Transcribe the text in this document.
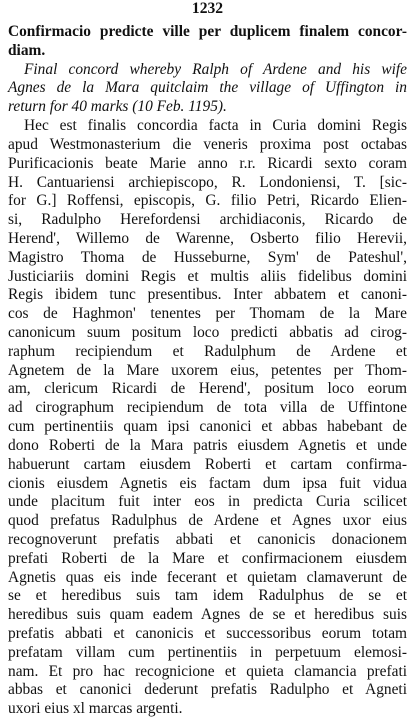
1232
Confirmacio predicte ville per duplicem finalem concor-
diam.
Final concord whereby Ralph of Ardene and his wife
Agnes de la Mara quitclaim the village of Uffington in
return for 40 marks (10 Feb. 1195).
Hec est finalis concordia facta in Curia domini Regis
apud Westmonasterium die veneris proxima post octabas
Purificacionis beate Marie anno r.r. Ricardi sexto coram
H. Cantuariensi archiepiscopo, R. Londoniensi, T. [sic-
for G.] Roffensi, episcopis, G. filio Petri, Ricardo Elien-
si, Radulpho Herefordensi archidiaconis, Ricardo de
Herend', Willemo de Warenne, Osberto filio Herevii,
Magistro Thoma de Husseburne, Sym' de Pateshul',
Justiciariis domini Regis et multis aliis fidelibus domini
Regis ibidem tunc presentibus. Inter abbatem et canoni-
cos de Haghmon' tenentes per Thomam de la Mare
canonicum suum positum loco predicti abbatis ad cirog-
raphum recipiendum et Radulphum de Ardene et
Agnetem de la Mare uxorem eius, petentes per Thom-
am, clericum Ricardi de Herend', positum loco eorum
ad cirographum recipiendum de tota villa de Uffintone
cum pertinentiis quam ipsi canonici et abbas habebant de
dono Roberti de la Mara patris eiusdem Agnetis et unde
habuerunt cartam eiusdem Roberti et cartam confirma-
cionis eiusdem Agnetis eis factam dum ipsa fuit vidua
unde placitum fuit inter eos in predicta Curia scilicet
quod prefatus Radulphus de Ardene et Agnes uxor eius
recognoverunt prefatis abbati et canonicis donacionem
prefati Roberti de la Mare et confirmacionem eiusdem
Agnetis quas eis inde fecerant et quietam clamaverunt de
se et heredibus suis tam idem Radulphus de se et
heredibus suis quam eadem Agnes de se et heredibus suis
prefatis abbati et canonicis et successoribus eorum totam
prefatam villam cum pertinentiis in perpetuum elemosi-
nam. Et pro hac recognicione et quieta clamancia prefati
abbas et canonici dederunt prefatis Radulpho et Agneti
uxori eius xl marcas argenti.
